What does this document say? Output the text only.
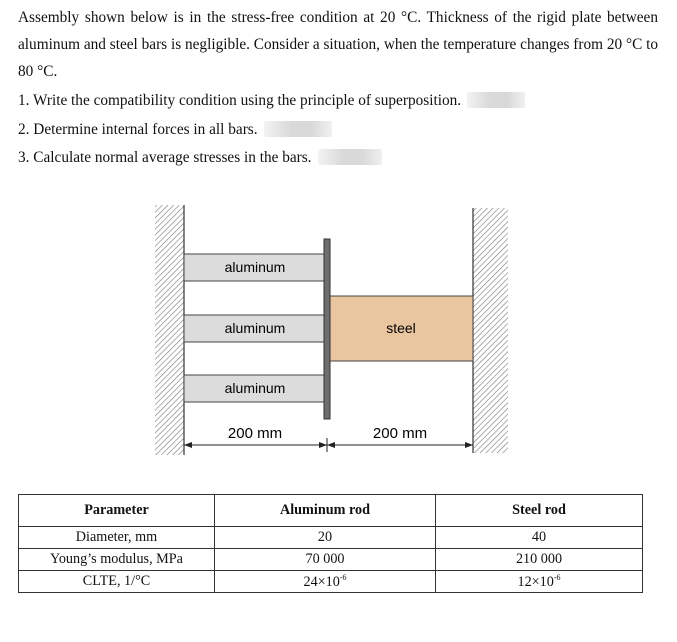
Assembly shown below is in the stress-free condition at 20 °C. Thickness of the rigid plate between aluminum and steel bars is negligible. Consider a situation, when the temperature changes from 20 °C to 80 °C.
1. Write the compatibility condition using the principle of superposition.
2. Determine internal forces in all bars.
3. Calculate normal average stresses in the bars.
aluminum
aluminum
aluminum
steel
200 mm	200 mm
Parameter	Aluminum rod	Steel rod
Diameter, mm	20	40
Young’s modulus, MPa	70 000	210 000
CLTE, 1/°C	$24\times 10^{-6}$	$12\times 10^{-6}$
